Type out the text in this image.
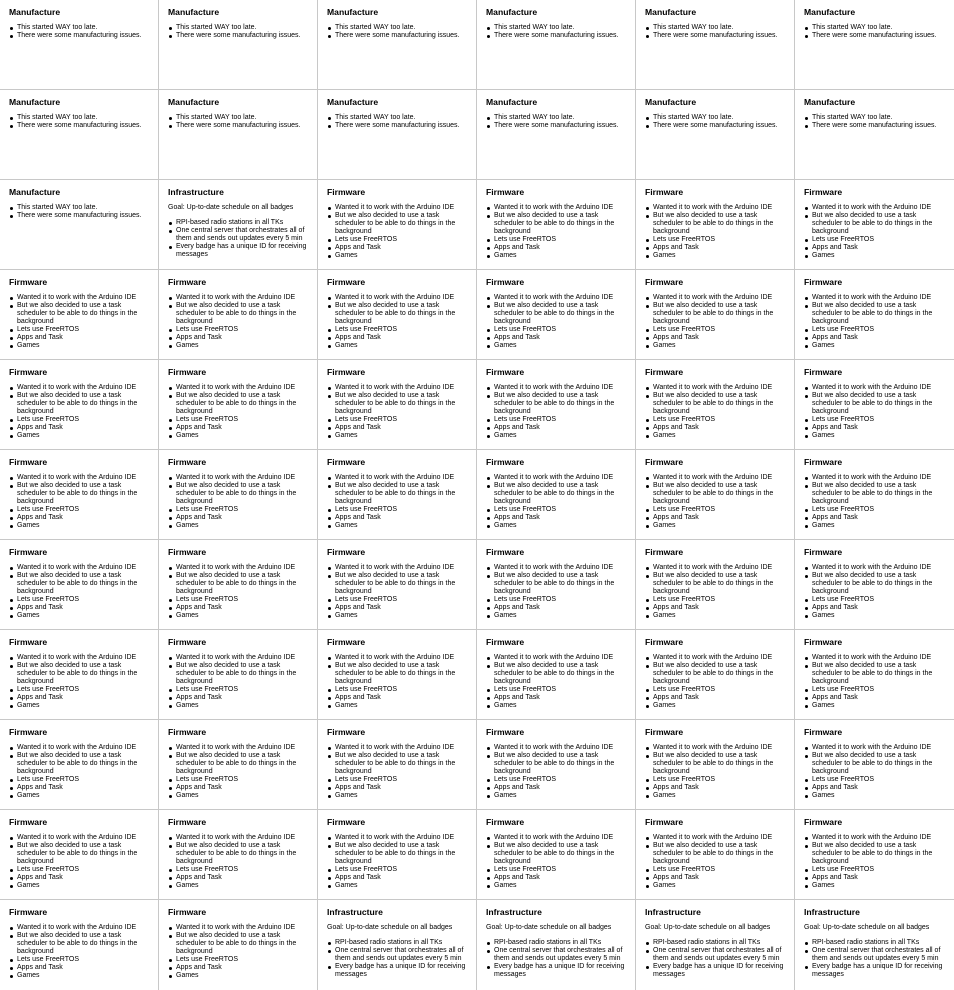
Manufacture
This started WAY too late.
There were some manufacturing issues.
Manufacture
This started WAY too late.
There were some manufacturing issues.
Manufacture
This started WAY too late.
There were some manufacturing issues.
Manufacture
This started WAY too late.
There were some manufacturing issues.
Manufacture
This started WAY too late.
There were some manufacturing issues.
Manufacture
This started WAY too late.
There were some manufacturing issues.
Manufacture
This started WAY too late.
There were some manufacturing issues.
Manufacture
This started WAY too late.
There were some manufacturing issues.
Manufacture
This started WAY too late.
There were some manufacturing issues.
Manufacture
This started WAY too late.
There were some manufacturing issues.
Manufacture
This started WAY too late.
There were some manufacturing issues.
Manufacture
This started WAY too late.
There were some manufacturing issues.
Manufacture
This started WAY too late.
There were some manufacturing issues.
Infrastructure
Goal: Up-to-date schedule on all badges
RPI-based radio stations in all TKs
One central server that orchestrates all of them and sends out updates every 5 min
Every badge has a unique ID for receiving messages
Firmware
Wanted it to work with the Arduino IDE
But we also decided to use a task scheduler to be able to do things in the background
Lets use FreeRTOS
Apps and Task
Games
Firmware
Wanted it to work with the Arduino IDE
But we also decided to use a task scheduler to be able to do things in the background
Lets use FreeRTOS
Apps and Task
Games
Firmware
Wanted it to work with the Arduino IDE
But we also decided to use a task scheduler to be able to do things in the background
Lets use FreeRTOS
Apps and Task
Games
Firmware
Wanted it to work with the Arduino IDE
But we also decided to use a task scheduler to be able to do things in the background
Lets use FreeRTOS
Apps and Task
Games
Firmware
Wanted it to work with the Arduino IDE
But we also decided to use a task scheduler to be able to do things in the background
Lets use FreeRTOS
Apps and Task
Games
Firmware
Wanted it to work with the Arduino IDE
But we also decided to use a task scheduler to be able to do things in the background
Lets use FreeRTOS
Apps and Task
Games
Firmware
Wanted it to work with the Arduino IDE
But we also decided to use a task scheduler to be able to do things in the background
Lets use FreeRTOS
Apps and Task
Games
Firmware
Wanted it to work with the Arduino IDE
But we also decided to use a task scheduler to be able to do things in the background
Lets use FreeRTOS
Apps and Task
Games
Firmware
Wanted it to work with the Arduino IDE
But we also decided to use a task scheduler to be able to do things in the background
Lets use FreeRTOS
Apps and Task
Games
Firmware
Wanted it to work with the Arduino IDE
But we also decided to use a task scheduler to be able to do things in the background
Lets use FreeRTOS
Apps and Task
Games
Firmware
Wanted it to work with the Arduino IDE
But we also decided to use a task scheduler to be able to do things in the background
Lets use FreeRTOS
Apps and Task
Games
Firmware
Wanted it to work with the Arduino IDE
But we also decided to use a task scheduler to be able to do things in the background
Lets use FreeRTOS
Apps and Task
Games
Firmware
Wanted it to work with the Arduino IDE
But we also decided to use a task scheduler to be able to do things in the background
Lets use FreeRTOS
Apps and Task
Games
Firmware
Wanted it to work with the Arduino IDE
But we also decided to use a task scheduler to be able to do things in the background
Lets use FreeRTOS
Apps and Task
Games
Firmware
Wanted it to work with the Arduino IDE
But we also decided to use a task scheduler to be able to do things in the background
Lets use FreeRTOS
Apps and Task
Games
Firmware
Wanted it to work with the Arduino IDE
But we also decided to use a task scheduler to be able to do things in the background
Lets use FreeRTOS
Apps and Task
Games
Firmware
Wanted it to work with the Arduino IDE
But we also decided to use a task scheduler to be able to do things in the background
Lets use FreeRTOS
Apps and Task
Games
Firmware
Wanted it to work with the Arduino IDE
But we also decided to use a task scheduler to be able to do things in the background
Lets use FreeRTOS
Apps and Task
Games
Firmware
Wanted it to work with the Arduino IDE
But we also decided to use a task scheduler to be able to do things in the background
Lets use FreeRTOS
Apps and Task
Games
Firmware
Wanted it to work with the Arduino IDE
But we also decided to use a task scheduler to be able to do things in the background
Lets use FreeRTOS
Apps and Task
Games
Firmware
Wanted it to work with the Arduino IDE
But we also decided to use a task scheduler to be able to do things in the background
Lets use FreeRTOS
Apps and Task
Games
Firmware
Wanted it to work with the Arduino IDE
But we also decided to use a task scheduler to be able to do things in the background
Lets use FreeRTOS
Apps and Task
Games
Firmware
Wanted it to work with the Arduino IDE
But we also decided to use a task scheduler to be able to do things in the background
Lets use FreeRTOS
Apps and Task
Games
Firmware
Wanted it to work with the Arduino IDE
But we also decided to use a task scheduler to be able to do things in the background
Lets use FreeRTOS
Apps and Task
Games
Firmware
Wanted it to work with the Arduino IDE
But we also decided to use a task scheduler to be able to do things in the background
Lets use FreeRTOS
Apps and Task
Games
Firmware
Wanted it to work with the Arduino IDE
But we also decided to use a task scheduler to be able to do things in the background
Lets use FreeRTOS
Apps and Task
Games
Firmware
Wanted it to work with the Arduino IDE
But we also decided to use a task scheduler to be able to do things in the background
Lets use FreeRTOS
Apps and Task
Games
Firmware
Wanted it to work with the Arduino IDE
But we also decided to use a task scheduler to be able to do things in the background
Lets use FreeRTOS
Apps and Task
Games
Firmware
Wanted it to work with the Arduino IDE
But we also decided to use a task scheduler to be able to do things in the background
Lets use FreeRTOS
Apps and Task
Games
Firmware
Wanted it to work with the Arduino IDE
But we also decided to use a task scheduler to be able to do things in the background
Lets use FreeRTOS
Apps and Task
Games
Firmware
Wanted it to work with the Arduino IDE
But we also decided to use a task scheduler to be able to do things in the background
Lets use FreeRTOS
Apps and Task
Games
Firmware
Wanted it to work with the Arduino IDE
But we also decided to use a task scheduler to be able to do things in the background
Lets use FreeRTOS
Apps and Task
Games
Firmware
Wanted it to work with the Arduino IDE
But we also decided to use a task scheduler to be able to do things in the background
Lets use FreeRTOS
Apps and Task
Games
Firmware
Wanted it to work with the Arduino IDE
But we also decided to use a task scheduler to be able to do things in the background
Lets use FreeRTOS
Apps and Task
Games
Firmware
Wanted it to work with the Arduino IDE
But we also decided to use a task scheduler to be able to do things in the background
Lets use FreeRTOS
Apps and Task
Games
Firmware
Wanted it to work with the Arduino IDE
But we also decided to use a task scheduler to be able to do things in the background
Lets use FreeRTOS
Apps and Task
Games
Firmware
Wanted it to work with the Arduino IDE
But we also decided to use a task scheduler to be able to do things in the background
Lets use FreeRTOS
Apps and Task
Games
Firmware
Wanted it to work with the Arduino IDE
But we also decided to use a task scheduler to be able to do things in the background
Lets use FreeRTOS
Apps and Task
Games
Firmware
Wanted it to work with the Arduino IDE
But we also decided to use a task scheduler to be able to do things in the background
Lets use FreeRTOS
Apps and Task
Games
Firmware
Wanted it to work with the Arduino IDE
But we also decided to use a task scheduler to be able to do things in the background
Lets use FreeRTOS
Apps and Task
Games
Firmware
Wanted it to work with the Arduino IDE
But we also decided to use a task scheduler to be able to do things in the background
Lets use FreeRTOS
Apps and Task
Games
Firmware
Wanted it to work with the Arduino IDE
But we also decided to use a task scheduler to be able to do things in the background
Lets use FreeRTOS
Apps and Task
Games
Firmware
Wanted it to work with the Arduino IDE
But we also decided to use a task scheduler to be able to do things in the background
Lets use FreeRTOS
Apps and Task
Games
Firmware
Wanted it to work with the Arduino IDE
But we also decided to use a task scheduler to be able to do things in the background
Lets use FreeRTOS
Apps and Task
Games
Firmware
Wanted it to work with the Arduino IDE
But we also decided to use a task scheduler to be able to do things in the background
Lets use FreeRTOS
Apps and Task
Games
Firmware
Wanted it to work with the Arduino IDE
But we also decided to use a task scheduler to be able to do things in the background
Lets use FreeRTOS
Apps and Task
Games
Firmware
Wanted it to work with the Arduino IDE
But we also decided to use a task scheduler to be able to do things in the background
Lets use FreeRTOS
Apps and Task
Games
Firmware
Wanted it to work with the Arduino IDE
But we also decided to use a task scheduler to be able to do things in the background
Lets use FreeRTOS
Apps and Task
Games
Infrastructure
Goal: Up-to-date schedule on all badges
RPI-based radio stations in all TKs
One central server that orchestrates all of them and sends out updates every 5 min
Every badge has a unique ID for receiving messages
Infrastructure
Goal: Up-to-date schedule on all badges
RPI-based radio stations in all TKs
One central server that orchestrates all of them and sends out updates every 5 min
Every badge has a unique ID for receiving messages
Infrastructure
Goal: Up-to-date schedule on all badges
RPI-based radio stations in all TKs
One central server that orchestrates all of them and sends out updates every 5 min
Every badge has a unique ID for receiving messages
Infrastructure
Goal: Up-to-date schedule on all badges
RPI-based radio stations in all TKs
One central server that orchestrates all of them and sends out updates every 5 min
Every badge has a unique ID for receiving messages
